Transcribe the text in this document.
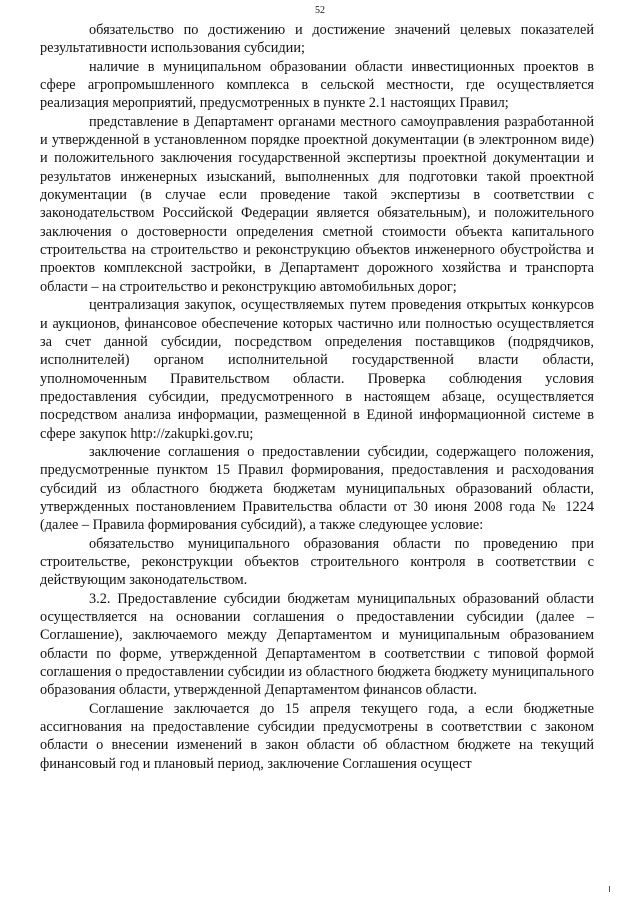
52

обязательство по достижению и достижение значений целевых показателей результативности использования субсидии;

наличие в муниципальном образовании области инвестиционных проектов в сфере агропромышленного комплекса в сельской местности, где осуществляется реализация мероприятий, предусмотренных в пункте 2.1 настоящих Правил;

представление в Департамент органами местного самоуправления разработанной и утвержденной в установленном порядке проектной документации (в электронном виде) и положительного заключения государственной экспертизы проектной документации и результатов инженерных изысканий, выполненных для подготовки такой проектной документации (в случае если проведение такой экспертизы в соответствии с законодательством Российской Федерации является обязательным), и положительного заключения о достоверности определения сметной стоимости объекта капитального строительства на строительство и реконструкцию объектов инженерного обустройства и проектов комплексной застройки, в Департамент дорожного хозяйства и транспорта области – на строительство и реконструкцию автомобильных дорог;

централизация закупок, осуществляемых путем проведения открытых конкурсов и аукционов, финансовое обеспечение которых частично или полностью осуществляется за счет данной субсидии, посредством определения поставщиков (подрядчиков, исполнителей) органом исполнительной государственной власти области, уполномоченным Правительством области. Проверка соблюдения условия предоставления субсидии, предусмотренного в настоящем абзаце, осуществляется посредством анализа информации, размещенной в Единой информационной системе в сфере закупок http://zakupki.gov.ru;

заключение соглашения о предоставлении субсидии, содержащего положения, предусмотренные пунктом 15 Правил формирования, предоставления и расходования субсидий из областного бюджета бюджетам муниципальных образований области, утвержденных постановлением Правительства области от 30 июня 2008 года № 1224 (далее – Правила формирования субсидий), а также следующее условие:

обязательство муниципального образования области по проведению при строительстве, реконструкции объектов строительного контроля в соответствии с действующим законодательством.

3.2. Предоставление субсидии бюджетам муниципальных образований области осуществляется на основании соглашения о предоставлении субсидии (далее – Соглашение), заключаемого между Департаментом и муниципальным образованием области по форме, утвержденной Департаментом в соответствии с типовой формой соглашения о предоставлении субсидии из областного бюджета бюджету муниципального образования области, утвержденной Департаментом финансов области.

Соглашение заключается до 15 апреля текущего года, а если бюджетные ассигнования на предоставление субсидии предусмотрены в соответствии с законом области о внесении изменений в закон области об областном бюджете на текущий финансовый год и плановый период, заключение Соглашения осущест
